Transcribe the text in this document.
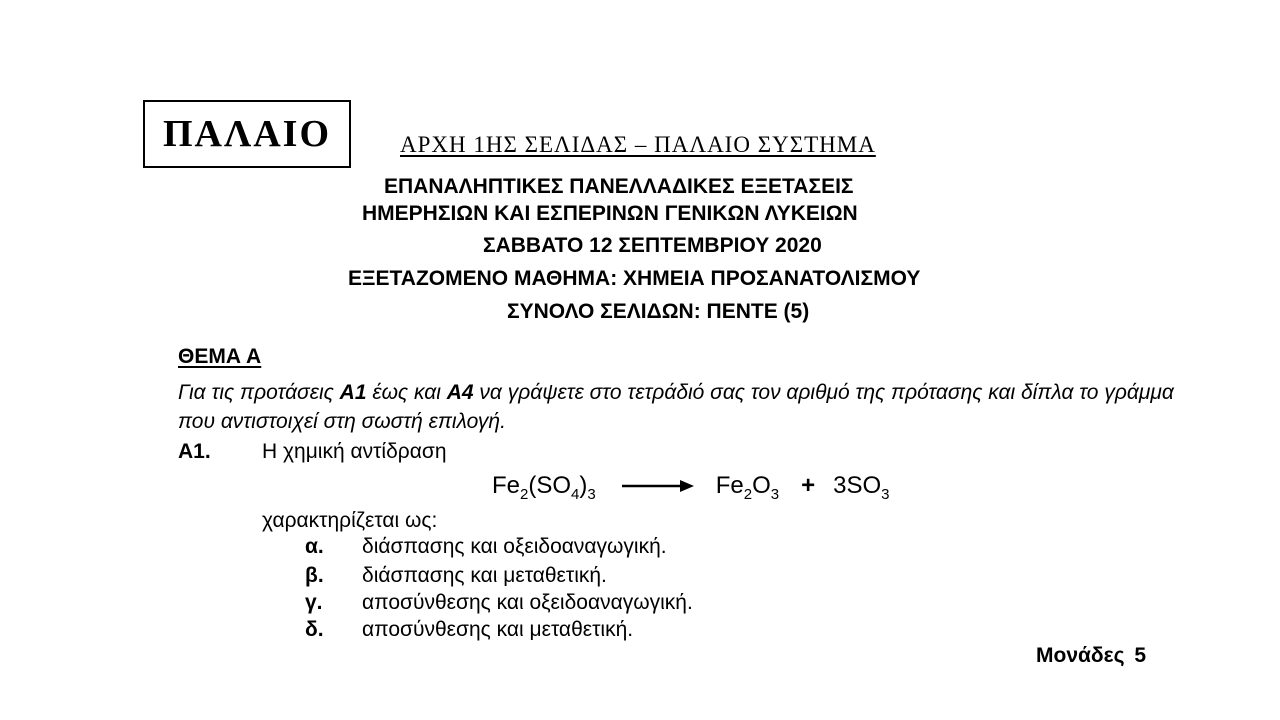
ΠΑΛΑΙΟ	ΑΡΧΗ 1ΗΣ ΣΕΛΙΔΑΣ – ΠΑΛΑΙΟ ΣΥΣΤΗΜΑ
ΕΠΑΝΑΛΗΠΤΙΚΕΣ ΠΑΝΕΛΛΑΔΙΚΕΣ ΕΞΕΤΑΣΕΙΣ
ΗΜΕΡΗΣΙΩΝ ΚΑΙ ΕΣΠΕΡΙΝΩΝ ΓΕΝΙΚΩΝ ΛΥΚΕΙΩΝ
ΣΑΒΒΑΤΟ 12 ΣΕΠΤΕΜΒΡΙΟΥ 2020
ΕΞΕΤΑΖΟΜΕΝΟ ΜΑΘΗΜΑ: ΧΗΜΕΙΑ ΠΡΟΣΑΝΑΤΟΛΙΣΜΟΥ
ΣΥΝΟΛΟ ΣΕΛΙΔΩΝ: ΠΕΝΤΕ (5)
ΘΕΜΑ Α
Για τις προτάσεις Α1 έως και Α4 να γράψετε στο τετράδιό σας τον αριθμό της πρότασης και δίπλα το γράμμα που αντιστοιχεί στη σωστή επιλογή.
Α1. Η χημική αντίδραση
$Fe_2(SO_4)_3$	$Fe_2O_3 + 3SO_3$
χαρακτηρίζεται ως:
α. διάσπασης και οξειδοαναγωγική.
β. διάσπασης και μεταθετική.
γ. αποσύνθεσης και οξειδοαναγωγική.
δ. αποσύνθεσης και μεταθετική.
Μονάδες 5
